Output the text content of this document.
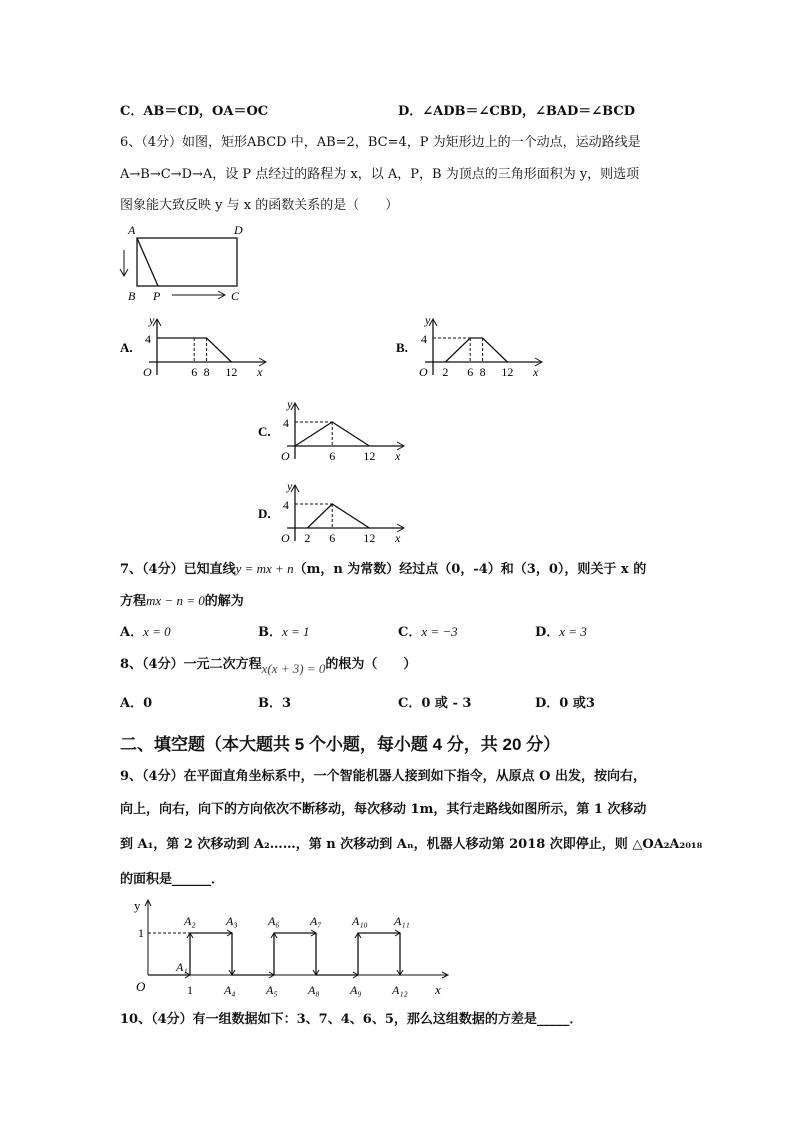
C．AB＝CD，OA＝OC	D．∠ADB＝∠CBD，∠BAD＝∠BCD
6、（4分）如图，矩形ABCD 中，AB=2，BC=4，P 为矩形边上的一个动点，运动路线是
A→B→C→D→A，设 P 点经过的路程为 x，以 A，P，B 为顶点的三角形面积为 y，则选项
图象能大致反映 y 与 x 的函数关系的是（　　）
A	D
B P	C
A.
4
6 8 12
O	x
y
B.
4
2 6 8 12
O	x
y
C.
4
6 12
O	x
y
D.
4
2 6 12
O	x
y
y
1
O	1
A₁
A₂	A₃	A₆	A₇	A₁₀ A₁₁
A₄	A₅	A₈	A₉	A₁₂ x
7、（4分）已知直线y = mx + n（m，n 为常数）经过点（0，-4）和（3，0），则关于 x 的
方程mx − n = 0的解为
A．x = 0	B．x = 1	C．x = −3	D．x = 3
8、（4分）一元二次方程x(x + 3) = 0的根为（　　）
A．0	B．3	C．0 或 - 3	D．0 或3
二、填空题（本大题共 5 个小题，每小题 4 分，共 20 分）
9、（4分）在平面直角坐标系中，一个智能机器人接到如下指令，从原点 O 出发，按向右，
向上，向右，向下的方向依次不断移动，每次移动 1m，其行走路线如图所示，第 1 次移动
到 A₁，第 2 次移动到 A₂……，第 n 次移动到 Aₙ，机器人移动第 2018 次即停止，则 △OA₂A₂₀₁₈
的面积是______．
10、（4分）有一组数据如下：3、7、4、6、5，那么这组数据的方差是_____．
